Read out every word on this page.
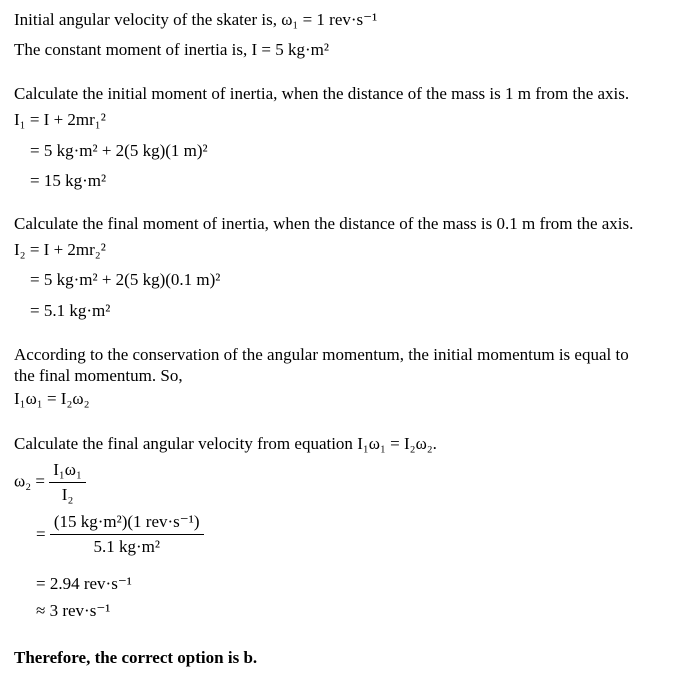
Initial angular velocity of the skater is, ω₁ = 1 rev·s⁻¹
The constant moment of inertia is, I = 5 kg·m²
Calculate the initial moment of inertia, when the distance of the mass is 1 m from the axis.
I₁ = I + 2mr₁²
= 5 kg·m² + 2(5 kg)(1 m)²
= 15 kg·m²
Calculate the final moment of inertia, when the distance of the mass is 0.1 m from the axis.
I₂ = I + 2mr₂²
= 5 kg·m² + 2(5 kg)(0.1 m)²
= 5.1 kg·m²
According to the conservation of the angular momentum, the initial momentum is equal to
the final momentum. So,
I₁ω₁ = I₂ω₂
Calculate the final angular velocity from equation I₁ω₁ = I₂ω₂.
$\omega_2 = \frac{\text{I₁ω₁}}{\text{I₂}}$
= $\frac{\text{(15 kg·m²)(1 rev·s⁻¹)}}{\text{5.1 kg·m²}}$
= 2.94 rev·s⁻¹
≈ 3 rev·s⁻¹
Therefore, the correct option is b.
